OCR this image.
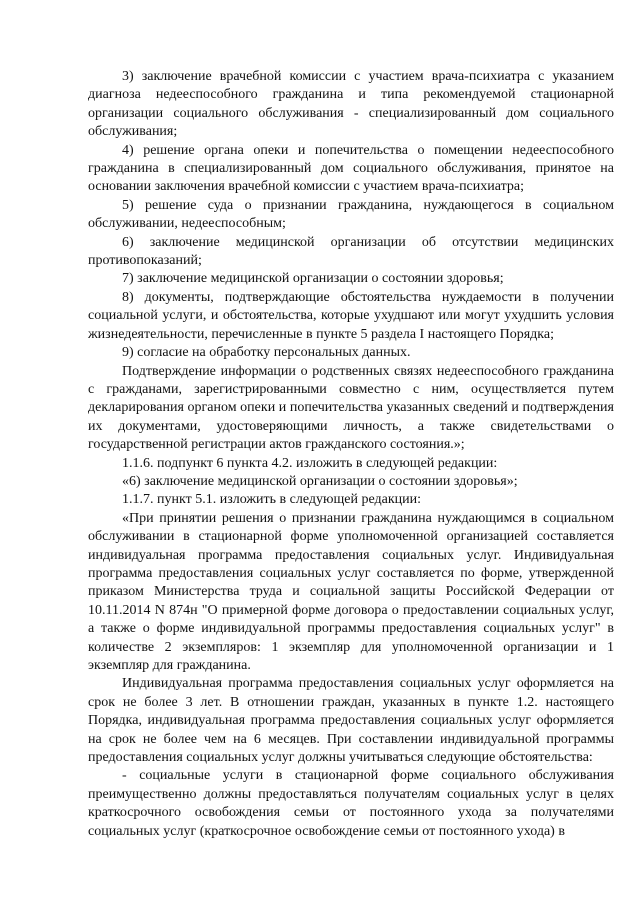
3) заключение врачебной комиссии с участием врача-психиатра с указанием диагноза недееспособного гражданина и типа рекомендуемой стационарной организации социального обслуживания - специализированный дом социального обслуживания;

4) решение органа опеки и попечительства о помещении недееспособного гражданина в специализированный дом социального обслуживания, принятое на основании заключения врачебной комиссии с участием врача-психиатра;

5) решение суда о признании гражданина, нуждающегося в социальном обслуживании, недееспособным;

6) заключение медицинской организации об отсутствии медицинских противопоказаний;

7) заключение медицинской организации о состоянии здоровья;

8) документы, подтверждающие обстоятельства нуждаемости в получении социальной услуги, и обстоятельства, которые ухудшают или могут ухудшить условия жизнедеятельности, перечисленные в пункте 5 раздела I настоящего Порядка;

9) согласие на обработку персональных данных.

Подтверждение информации о родственных связях недееспособного гражданина с гражданами, зарегистрированными совместно с ним, осуществляется путем декларирования органом опеки и попечительства указанных сведений и подтверждения их документами, удостоверяющими личность, а также свидетельствами о государственной регистрации актов гражданского состояния.»;

1.1.6. подпункт 6 пункта 4.2. изложить в следующей редакции:

«6) заключение медицинской организации о состоянии здоровья»;

1.1.7. пункт 5.1. изложить в следующей редакции:

«При принятии решения о признании гражданина нуждающимся в социальном обслуживании в стационарной форме уполномоченной организацией составляется индивидуальная программа предоставления социальных услуг. Индивидуальная программа предоставления социальных услуг составляется по форме, утвержденной приказом Министерства труда и социальной защиты Российской Федерации от 10.11.2014 N 874н "О примерной форме договора о предоставлении социальных услуг, а также о форме индивидуальной программы предоставления социальных услуг" в количестве 2 экземпляров: 1 экземпляр для уполномоченной организации и 1 экземпляр для гражданина.

Индивидуальная программа предоставления социальных услуг оформляется на срок не более 3 лет. В отношении граждан, указанных в пункте 1.2. настоящего Порядка, индивидуальная программа предоставления социальных услуг оформляется на срок не более чем на 6 месяцев. При составлении индивидуальной программы предоставления социальных услуг должны учитываться следующие обстоятельства:

- социальные услуги в стационарной форме социального обслуживания преимущественно должны предоставляться получателям социальных услуг в целях краткосрочного освобождения семьи от постоянного ухода за получателями социальных услуг (краткосрочное освобождение семьи от постоянного ухода) в
